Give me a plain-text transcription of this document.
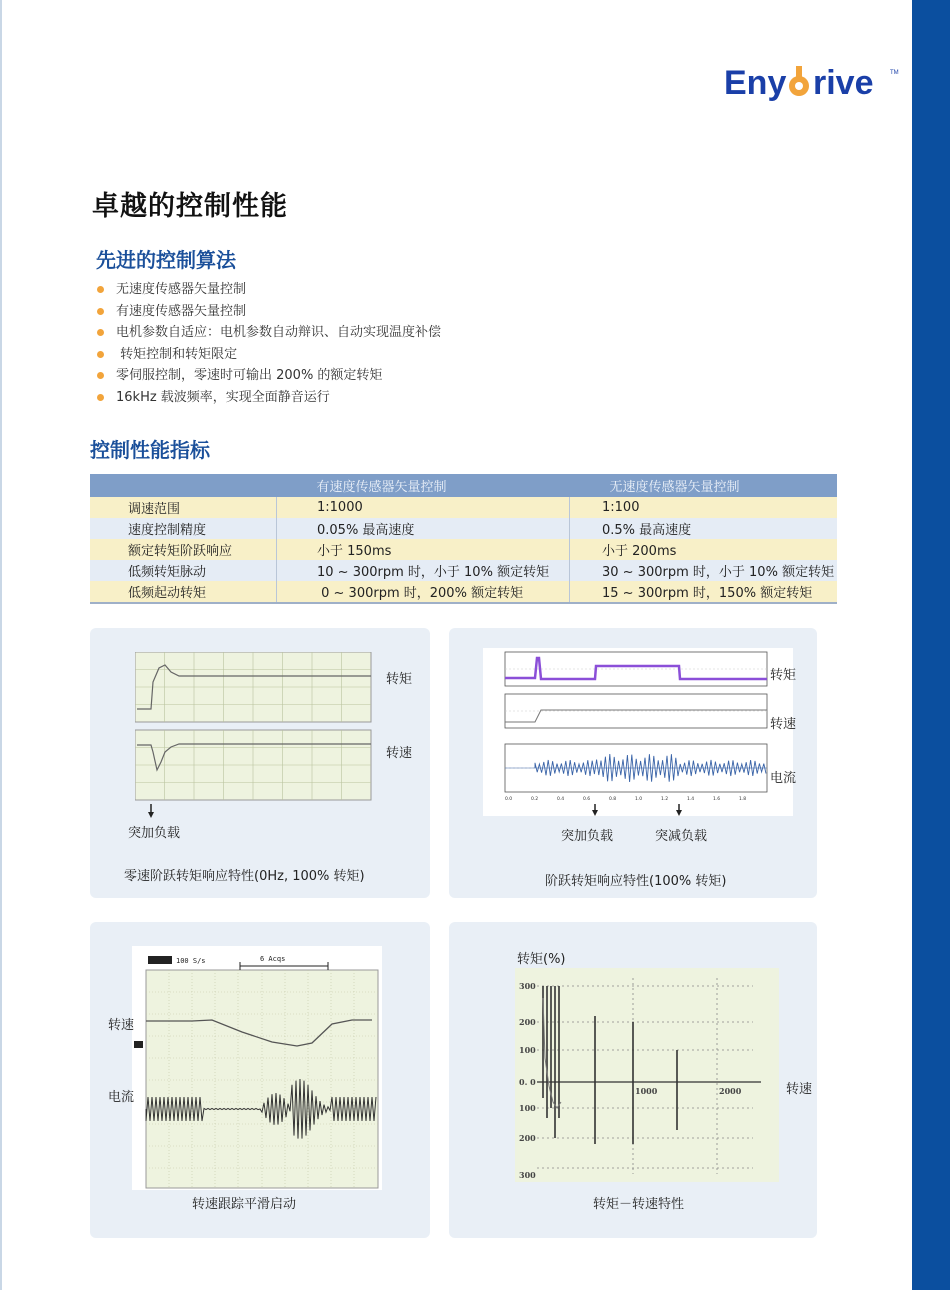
Eny rive	TM
卓越的控制性能
先进的控制算法
无速度传感器矢量控制
有速度传感器矢量控制
电机参数自适应：电机参数自动辩识、自动实现温度补偿
转矩控制和转矩限定
零伺服控制，零速时可输出 200% 的额定转矩
16kHz 载波频率，实现全面静音运行
控制性能指标
	有速度传感器矢量控制	无速度传感器矢量控制
调速范围	1:1000	1:100
速度控制精度	0.05% 最高速度	0.5% 最高速度
额定转矩阶跃响应	小于 150ms	小于 200ms
低频转矩脉动	10 ~ 300rpm 时，小于 10% 额定转矩	30 ~ 300rpm 时，小于 10% 额定转矩
低频起动转矩	0 ~ 300rpm 时，200% 额定转矩	15 ~ 300rpm 时，150% 额定转矩
转矩
转速
突加负载
零速阶跃转矩响应特性(0Hz, 100% 转矩)
0.0	0.2	0.4	0.6	0.8	1.0	1.2	1.4	1.6	1.8
转矩
转速
电流
突加负载	突减负载
阶跃转矩响应特性(100% 转矩)
100 S/s	6 Acqs
转速
电流
转速跟踪平滑启动
转矩(%)
300
200
100
0. 0
100
200
300
1000	2000	转速
转矩－转速特性
